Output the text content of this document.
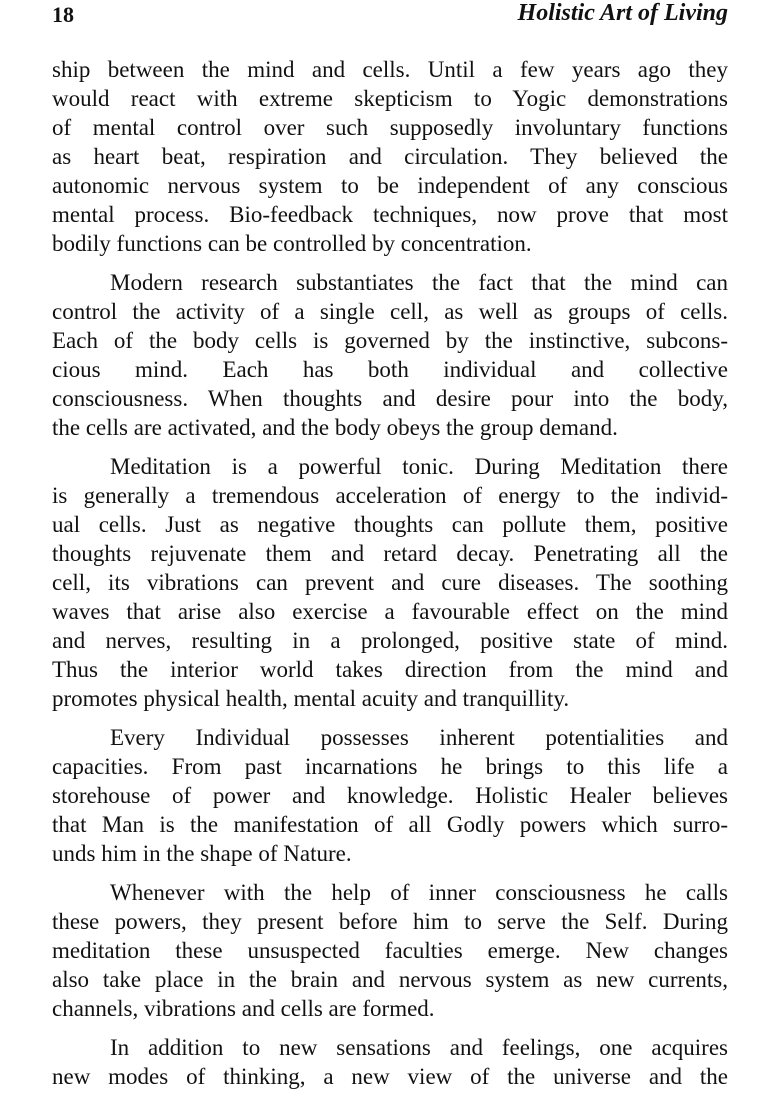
18	Holistic Art of Living
ship between the mind and cells. Until a few years ago they
would react with extreme skepticism to Yogic demonstrations
of mental control over such supposedly involuntary functions
as heart beat, respiration and circulation. They believed the
autonomic nervous system to be independent of any conscious
mental process. Bio-feedback techniques, now prove that most
bodily functions can be controlled by concentration.
Modern research substantiates the fact that the mind can
control the activity of a single cell, as well as groups of cells.
Each of the body cells is governed by the instinctive, subcons-
cious mind. Each has both individual and collective
consciousness. When thoughts and desire pour into the body,
the cells are activated, and the body obeys the group demand.
Meditation is a powerful tonic. During Meditation there
is generally a tremendous acceleration of energy to the individ-
ual cells. Just as negative thoughts can pollute them, positive
thoughts rejuvenate them and retard decay. Penetrating all the
cell, its vibrations can prevent and cure diseases. The soothing
waves that arise also exercise a favourable effect on the mind
and nerves, resulting in a prolonged, positive state of mind.
Thus the interior world takes direction from the mind and
promotes physical health, mental acuity and tranquillity.
Every Individual possesses inherent potentialities and
capacities. From past incarnations he brings to this life a
storehouse of power and knowledge. Holistic Healer believes
that Man is the manifestation of all Godly powers which surro-
unds him in the shape of Nature.
Whenever with the help of inner consciousness he calls
these powers, they present before him to serve the Self. During
meditation these unsuspected faculties emerge. New changes
also take place in the brain and nervous system as new currents,
channels, vibrations and cells are formed.
In addition to new sensations and feelings, one acquires
new modes of thinking, a new view of the universe and the
